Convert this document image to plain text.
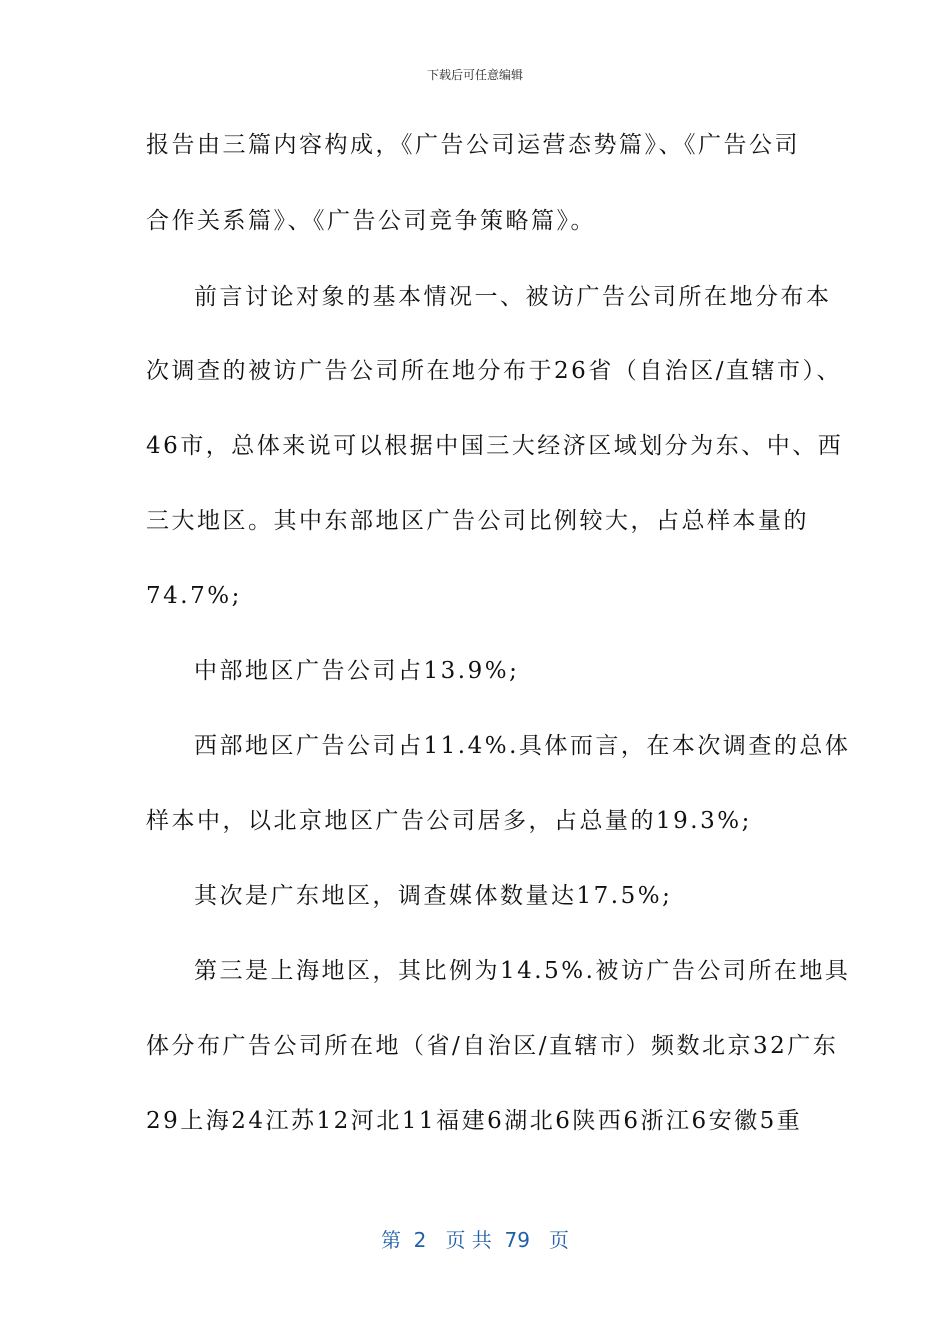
下载后可任意编辑
报告由三篇内容构成，《广告公司运营态势篇》、《广告公司
合作关系篇》、《广告公司竞争策略篇》。
前言讨论对象的基本情况一、被访广告公司所在地分布本
次调查的被访广告公司所在地分布于26省（自治区/直辖市）、
46市，总体来说可以根据中国三大经济区域划分为东、中、西
三大地区。其中东部地区广告公司比例较大，占总样本量的
74.7%;
中部地区广告公司占13.9%;
西部地区广告公司占11.4%.具体而言，在本次调查的总体
样本中，以北京地区广告公司居多，占总量的19.3%;
其次是广东地区，调查媒体数量达17.5%;
第三是上海地区，其比例为14.5%.被访广告公司所在地具
体分布广告公司所在地（省/自治区/直辖市）频数北京32广东
29上海24江苏12河北11福建6湖北6陕西6浙江6安徽5重
第  2   页 共  79   页
